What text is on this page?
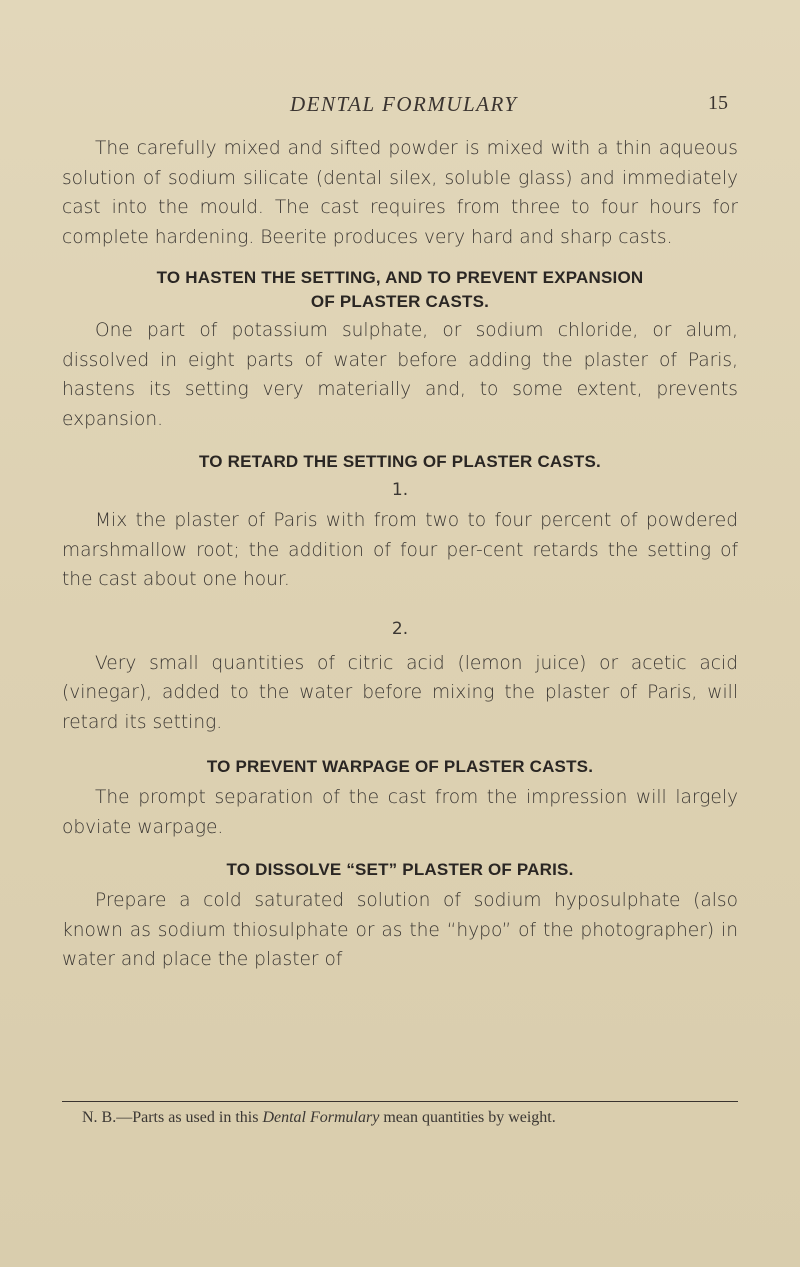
DENTAL FORMULARY	15

The carefully mixed and sifted powder is mixed with a thin aqueous solution of sodium silicate (dental silex, soluble glass) and immediately cast into the mould. The cast requires from three to four hours for complete hardening. Beerite produces very hard and sharp casts.

TO HASTEN THE SETTING, AND TO PREVENT EXPANSION
OF PLASTER CASTS.

One part of potassium sulphate, or sodium chloride, or alum, dissolved in eight parts of water before adding the plaster of Paris, hastens its setting very materially and, to some extent, prevents expansion.

TO RETARD THE SETTING OF PLASTER CASTS.
1.

Mix the plaster of Paris with from two to four percent of powdered marshmallow root; the addition of four per-cent retards the setting of the cast about one hour.

2.

Very small quantities of citric acid (lemon juice) or acetic acid (vinegar), added to the water before mixing the plaster of Paris, will retard its setting.

TO PREVENT WARPAGE OF PLASTER CASTS.

The prompt separation of the cast from the impression will largely obviate warpage.

TO DISSOLVE “SET” PLASTER OF PARIS.

Prepare a cold saturated solution of sodium hyposulphate (also known as sodium thiosulphate or as the “hypo” of the photographer) in water and place the plaster of

N. B.—Parts as used in this Dental Formulary mean quantities by weight.
